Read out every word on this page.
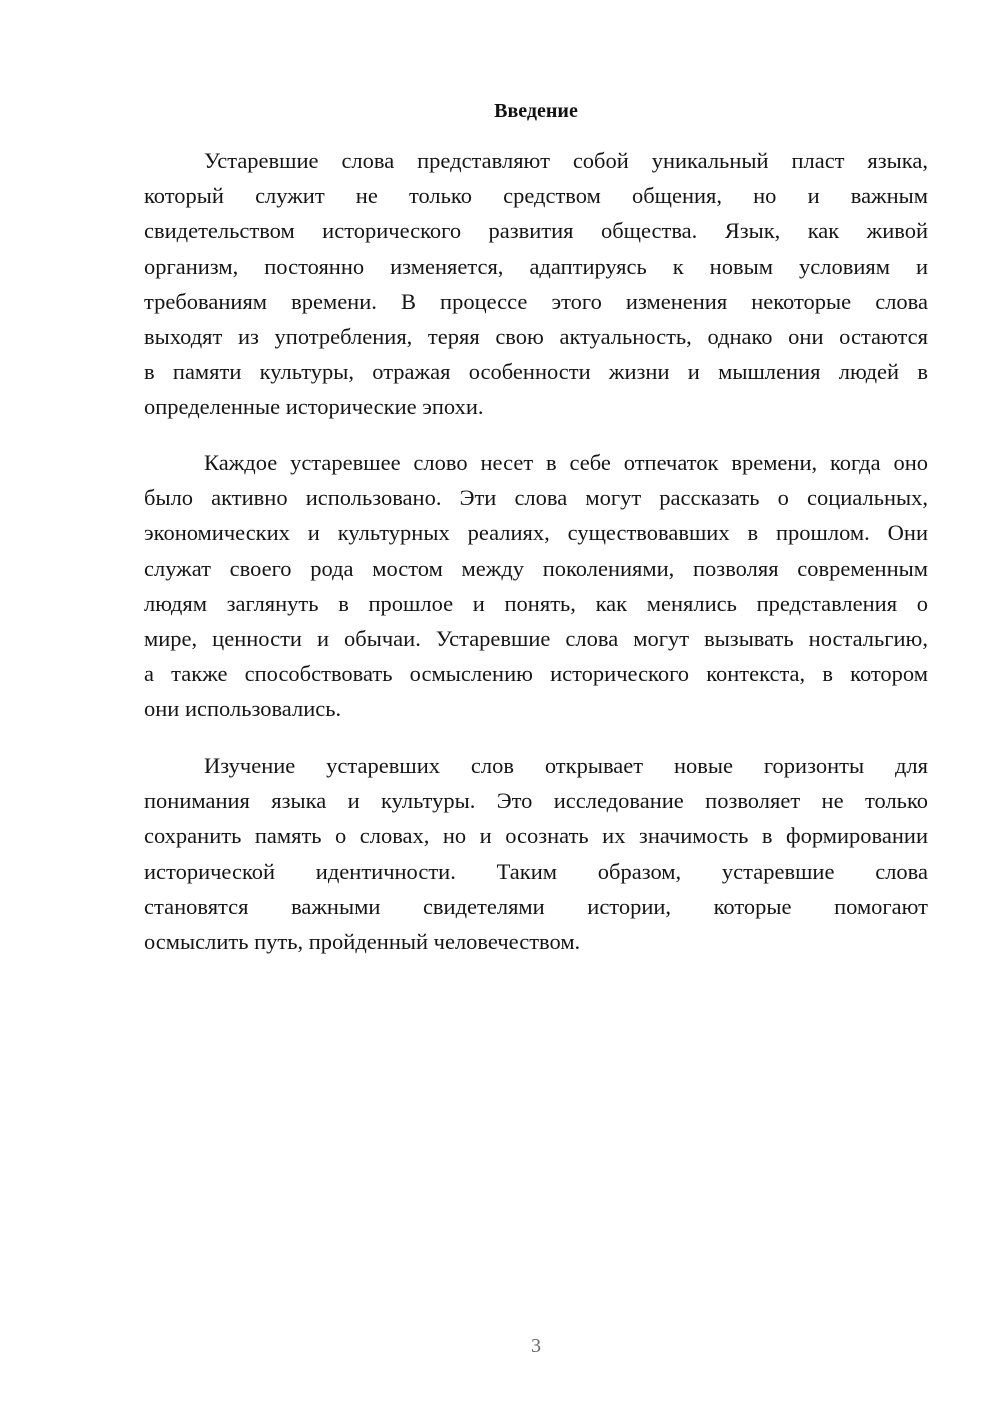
Введение
Устаревшие слова представляют собой уникальный пласт языка,
который служит не только средством общения, но и важным
свидетельством исторического развития общества. Язык, как живой
организм, постоянно изменяется, адаптируясь к новым условиям и
требованиям времени. В процессе этого изменения некоторые слова
выходят из употребления, теряя свою актуальность, однако они остаются
в памяти культуры, отражая особенности жизни и мышления людей в
определенные исторические эпохи.
Каждое устаревшее слово несет в себе отпечаток времени, когда оно
было активно использовано. Эти слова могут рассказать о социальных,
экономических и культурных реалиях, существовавших в прошлом. Они
служат своего рода мостом между поколениями, позволяя современным
людям заглянуть в прошлое и понять, как менялись представления о
мире, ценности и обычаи. Устаревшие слова могут вызывать ностальгию,
а также способствовать осмыслению исторического контекста, в котором
они использовались.
Изучение устаревших слов открывает новые горизонты для
понимания языка и культуры. Это исследование позволяет не только
сохранить память о словах, но и осознать их значимость в формировании
исторической идентичности. Таким образом, устаревшие слова
становятся важными свидетелями истории, которые помогают
осмыслить путь, пройденный человечеством.
3
